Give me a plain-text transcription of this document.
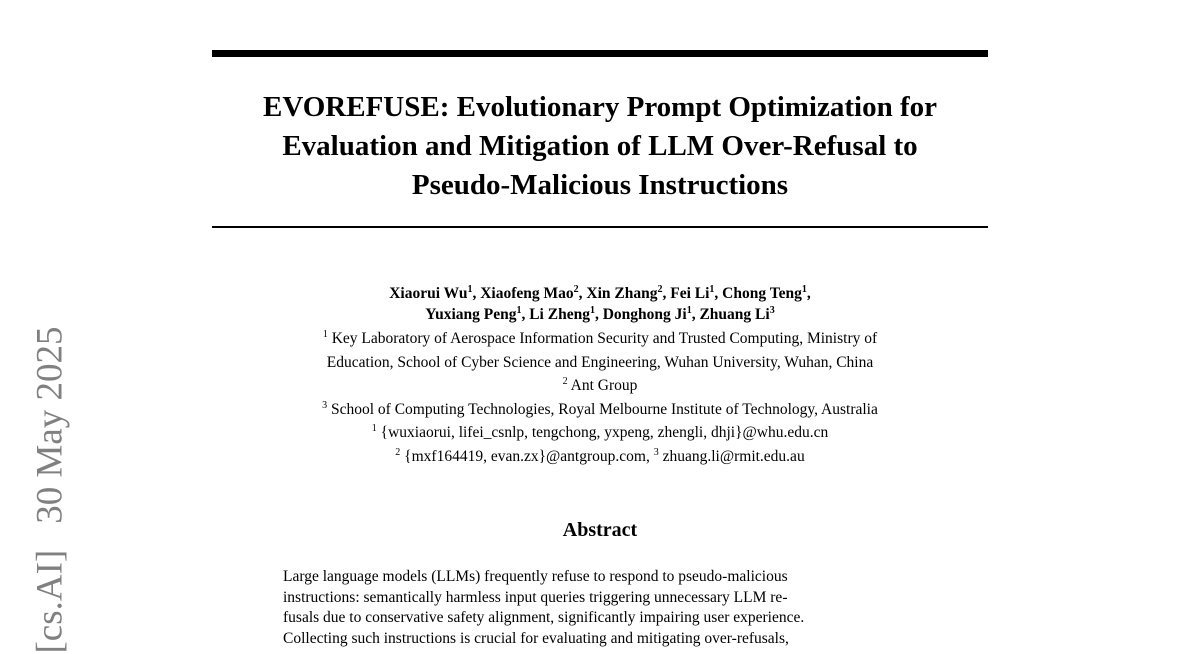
EVOREFUSE: Evolutionary Prompt Optimization for
Evaluation and Mitigation of LLM Over-Refusal to
Pseudo-Malicious Instructions
Xiaorui Wu$^1$, Xiaofeng Mao$^2$, Xin Zhang$^2$, Fei Li$^1$, Chong Teng$^1$,
Yuxiang Peng$^1$, Li Zheng$^1$, Donghong Ji$^1$, Zhuang Li$^3$
$^1$ Key Laboratory of Aerospace Information Security and Trusted Computing, Ministry of
Education, School of Cyber Science and Engineering, Wuhan University, Wuhan, China
$^2$ Ant Group
$^3$ School of Computing Technologies, Royal Melbourne Institute of Technology, Australia
$^1$ {wuxiaorui, lifei_csnlp, tengchong, yxpeng, zhengli, dhji}@whu.edu.cn
$^2$ {mxf164419, evan.zx}@antgroup.com, $^3$ zhuang.li@rmit.edu.au
Abstract
Large language models (LLMs) frequently refuse to respond to pseudo-malicious
instructions: semantically harmless input queries triggering unnecessary LLM re-
fusals due to conservative safety alignment, significantly impairing user experience.
Collecting such instructions is crucial for evaluating and mitigating over-refusals,
[cs.AI]30 May 2025
